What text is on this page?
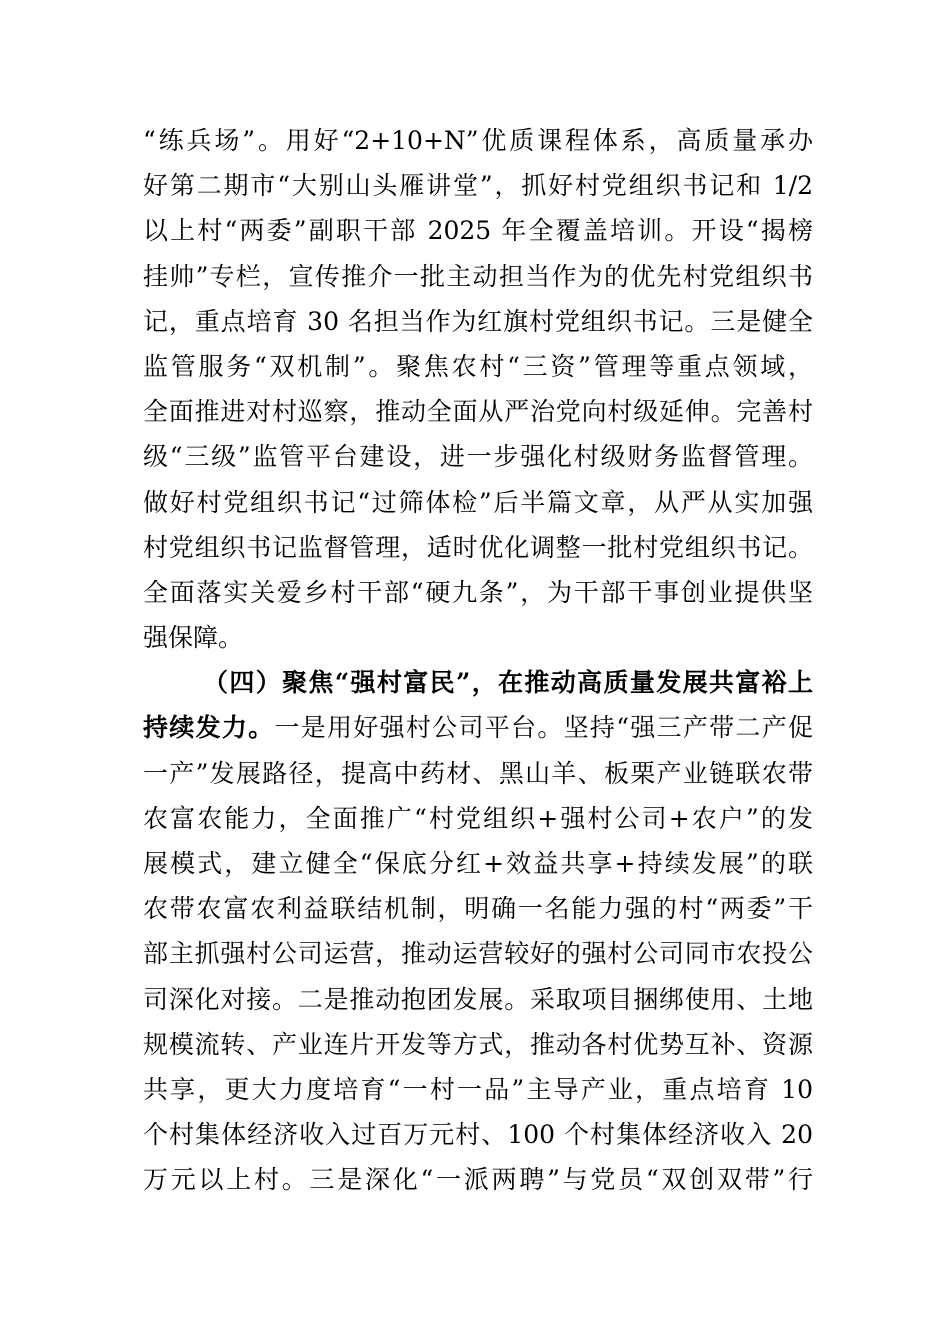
“练兵场”。用好“2+10+N”优质课程体系，高质量承办
好第二期市“大别山头雁讲堂”，抓好村党组织书记和 1/2
以上村“两委”副职干部 2025 年全覆盖培训。开设“揭榜
挂帅”专栏，宣传推介一批主动担当作为的优先村党组织书
记，重点培育 30 名担当作为红旗村党组织书记。三是健全
监管服务“双机制”。聚焦农村“三资”管理等重点领域，
全面推进对村巡察，推动全面从严治党向村级延伸。完善村
级“三级”监管平台建设，进一步强化村级财务监督管理。
做好村党组织书记“过筛体检”后半篇文章，从严从实加强
村党组织书记监督管理，适时优化调整一批村党组织书记。
全面落实关爱乡村干部“硬九条”，为干部干事创业提供坚
强保障。
（四）聚焦“强村富民”，在推动高质量发展共富裕上
持续发力。一是用好强村公司平台。坚持“强三产带二产促
一产”发展路径，提高中药材、黑山羊、板栗产业链联农带
农富农能力，全面推广“村党组织+强村公司+农户”的发
展模式，建立健全“保底分红+效益共享+持续发展”的联
农带农富农利益联结机制，明确一名能力强的村“两委”干
部主抓强村公司运营，推动运营较好的强村公司同市农投公
司深化对接。二是推动抱团发展。采取项目捆绑使用、土地
规模流转、产业连片开发等方式，推动各村优势互补、资源
共享，更大力度培育“一村一品”主导产业，重点培育 10
个村集体经济收入过百万元村、100 个村集体经济收入 20
万元以上村。三是深化“一派两聘”与党员“双创双带”行
